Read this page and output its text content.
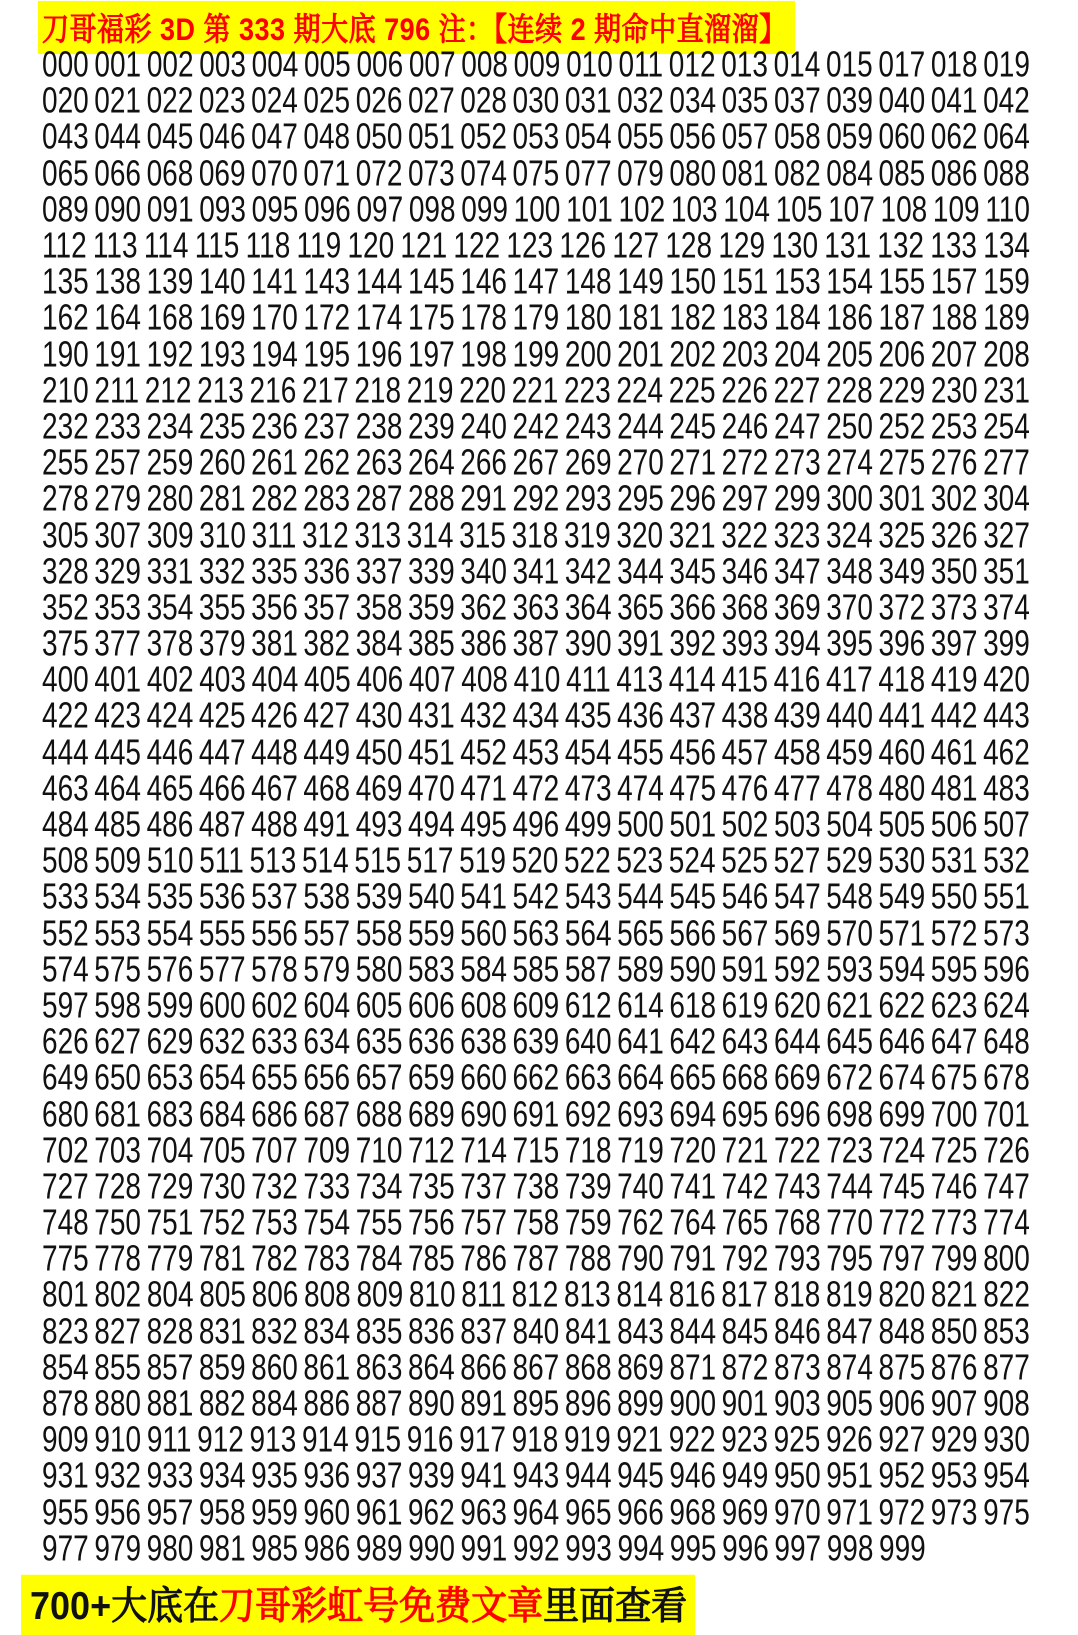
刀哥福彩 3D 第 333 期大底 796 注：【连续 2 期命中直溜溜】
000 001 002 003 004 005 006 007 008 009 010 011 012 013 014 015 017 018 019
020 021 022 023 024 025 026 027 028 030 031 032 034 035 037 039 040 041 042
043 044 045 046 047 048 050 051 052 053 054 055 056 057 058 059 060 062 064
065 066 068 069 070 071 072 073 074 075 077 079 080 081 082 084 085 086 088
089 090 091 093 095 096 097 098 099 100 101 102 103 104 105 107 108 109 110
112 113 114 115 118 119 120 121 122 123 126 127 128 129 130 131 132 133 134
135 138 139 140 141 143 144 145 146 147 148 149 150 151 153 154 155 157 159
162 164 168 169 170 172 174 175 178 179 180 181 182 183 184 186 187 188 189
190 191 192 193 194 195 196 197 198 199 200 201 202 203 204 205 206 207 208
210 211 212 213 216 217 218 219 220 221 223 224 225 226 227 228 229 230 231
232 233 234 235 236 237 238 239 240 242 243 244 245 246 247 250 252 253 254
255 257 259 260 261 262 263 264 266 267 269 270 271 272 273 274 275 276 277
278 279 280 281 282 283 287 288 291 292 293 295 296 297 299 300 301 302 304
305 307 309 310 311 312 313 314 315 318 319 320 321 322 323 324 325 326 327
328 329 331 332 335 336 337 339 340 341 342 344 345 346 347 348 349 350 351
352 353 354 355 356 357 358 359 362 363 364 365 366 368 369 370 372 373 374
375 377 378 379 381 382 384 385 386 387 390 391 392 393 394 395 396 397 399
400 401 402 403 404 405 406 407 408 410 411 413 414 415 416 417 418 419 420
422 423 424 425 426 427 430 431 432 434 435 436 437 438 439 440 441 442 443
444 445 446 447 448 449 450 451 452 453 454 455 456 457 458 459 460 461 462
463 464 465 466 467 468 469 470 471 472 473 474 475 476 477 478 480 481 483
484 485 486 487 488 491 493 494 495 496 499 500 501 502 503 504 505 506 507
508 509 510 511 513 514 515 517 519 520 522 523 524 525 527 529 530 531 532
533 534 535 536 537 538 539 540 541 542 543 544 545 546 547 548 549 550 551
552 553 554 555 556 557 558 559 560 563 564 565 566 567 569 570 571 572 573
574 575 576 577 578 579 580 583 584 585 587 589 590 591 592 593 594 595 596
597 598 599 600 602 604 605 606 608 609 612 614 618 619 620 621 622 623 624
626 627 629 632 633 634 635 636 638 639 640 641 642 643 644 645 646 647 648
649 650 653 654 655 656 657 659 660 662 663 664 665 668 669 672 674 675 678
680 681 683 684 686 687 688 689 690 691 692 693 694 695 696 698 699 700 701
702 703 704 705 707 709 710 712 714 715 718 719 720 721 722 723 724 725 726
727 728 729 730 732 733 734 735 737 738 739 740 741 742 743 744 745 746 747
748 750 751 752 753 754 755 756 757 758 759 762 764 765 768 770 772 773 774
775 778 779 781 782 783 784 785 786 787 788 790 791 792 793 795 797 799 800
801 802 804 805 806 808 809 810 811 812 813 814 816 817 818 819 820 821 822
823 827 828 831 832 834 835 836 837 840 841 843 844 845 846 847 848 850 853
854 855 857 859 860 861 863 864 866 867 868 869 871 872 873 874 875 876 877
878 880 881 882 884 886 887 890 891 895 896 899 900 901 903 905 906 907 908
909 910 911 912 913 914 915 916 917 918 919 921 922 923 925 926 927 929 930
931 932 933 934 935 936 937 939 941 943 944 945 946 949 950 951 952 953 954
955 956 957 958 959 960 961 962 963 964 965 966 968 969 970 971 972 973 975
977 979 980 981 985 986 989 990 991 992 993 994 995 996 997 998 999
700+大底在刀哥彩虹号免费文章里面查看
